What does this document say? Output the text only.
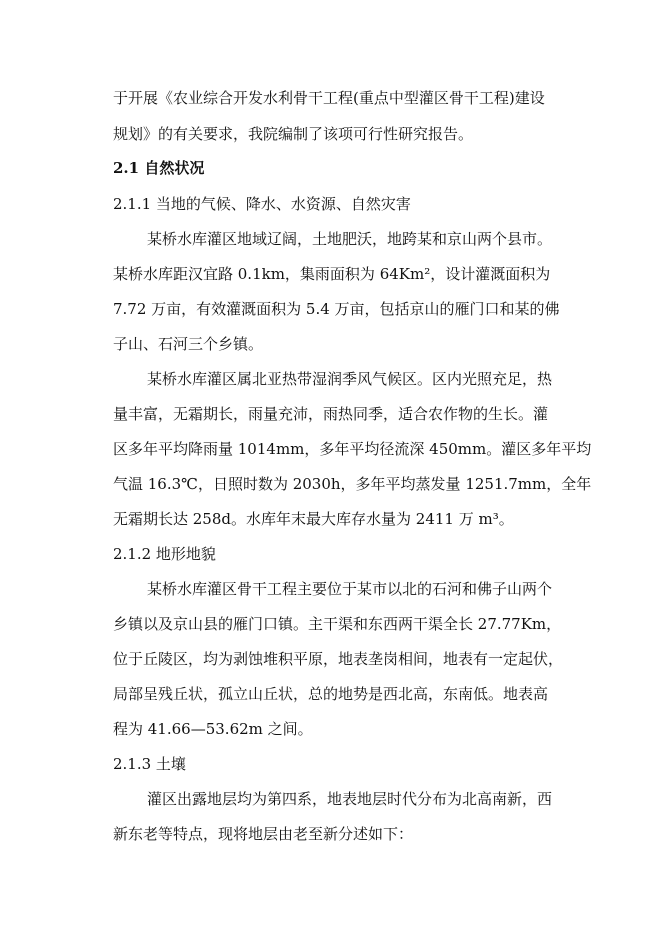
于开展《农业综合开发水利骨干工程(重点中型灌区骨干工程)建设
规划》的有关要求，我院编制了该项可行性研究报告。
2.1 自然状况
2.1.1 当地的气候、降水、水资源、自然灾害
某桥水库灌区地域辽阔，土地肥沃，地跨某和京山两个县市。
某桥水库距汉宜路 0.1km，集雨面积为 64Km²，设计灌溉面积为
7.72 万亩，有效灌溉面积为 5.4 万亩，包括京山的雁门口和某的佛
子山、石河三个乡镇。
某桥水库灌区属北亚热带湿润季风气候区。区内光照充足，热
量丰富，无霜期长，雨量充沛，雨热同季，适合农作物的生长。灌
区多年平均降雨量 1014mm，多年平均径流深 450mm。灌区多年平均
气温 16.3℃，日照时数为 2030h，多年平均蒸发量 1251.7mm，全年
无霜期长达 258d。水库年末最大库存水量为 2411 万 m³。
2.1.2 地形地貌
某桥水库灌区骨干工程主要位于某市以北的石河和佛子山两个
乡镇以及京山县的雁门口镇。主干渠和东西两干渠全长 27.77Km，
位于丘陵区，均为剥蚀堆积平原，地表垄岗相间，地表有一定起伏，
局部呈残丘状，孤立山丘状，总的地势是西北高，东南低。地表高
程为 41.66—53.62m 之间。
2.1.3 土壤
灌区出露地层均为第四系，地表地层时代分布为北高南新，西
新东老等特点，现将地层由老至新分述如下：
